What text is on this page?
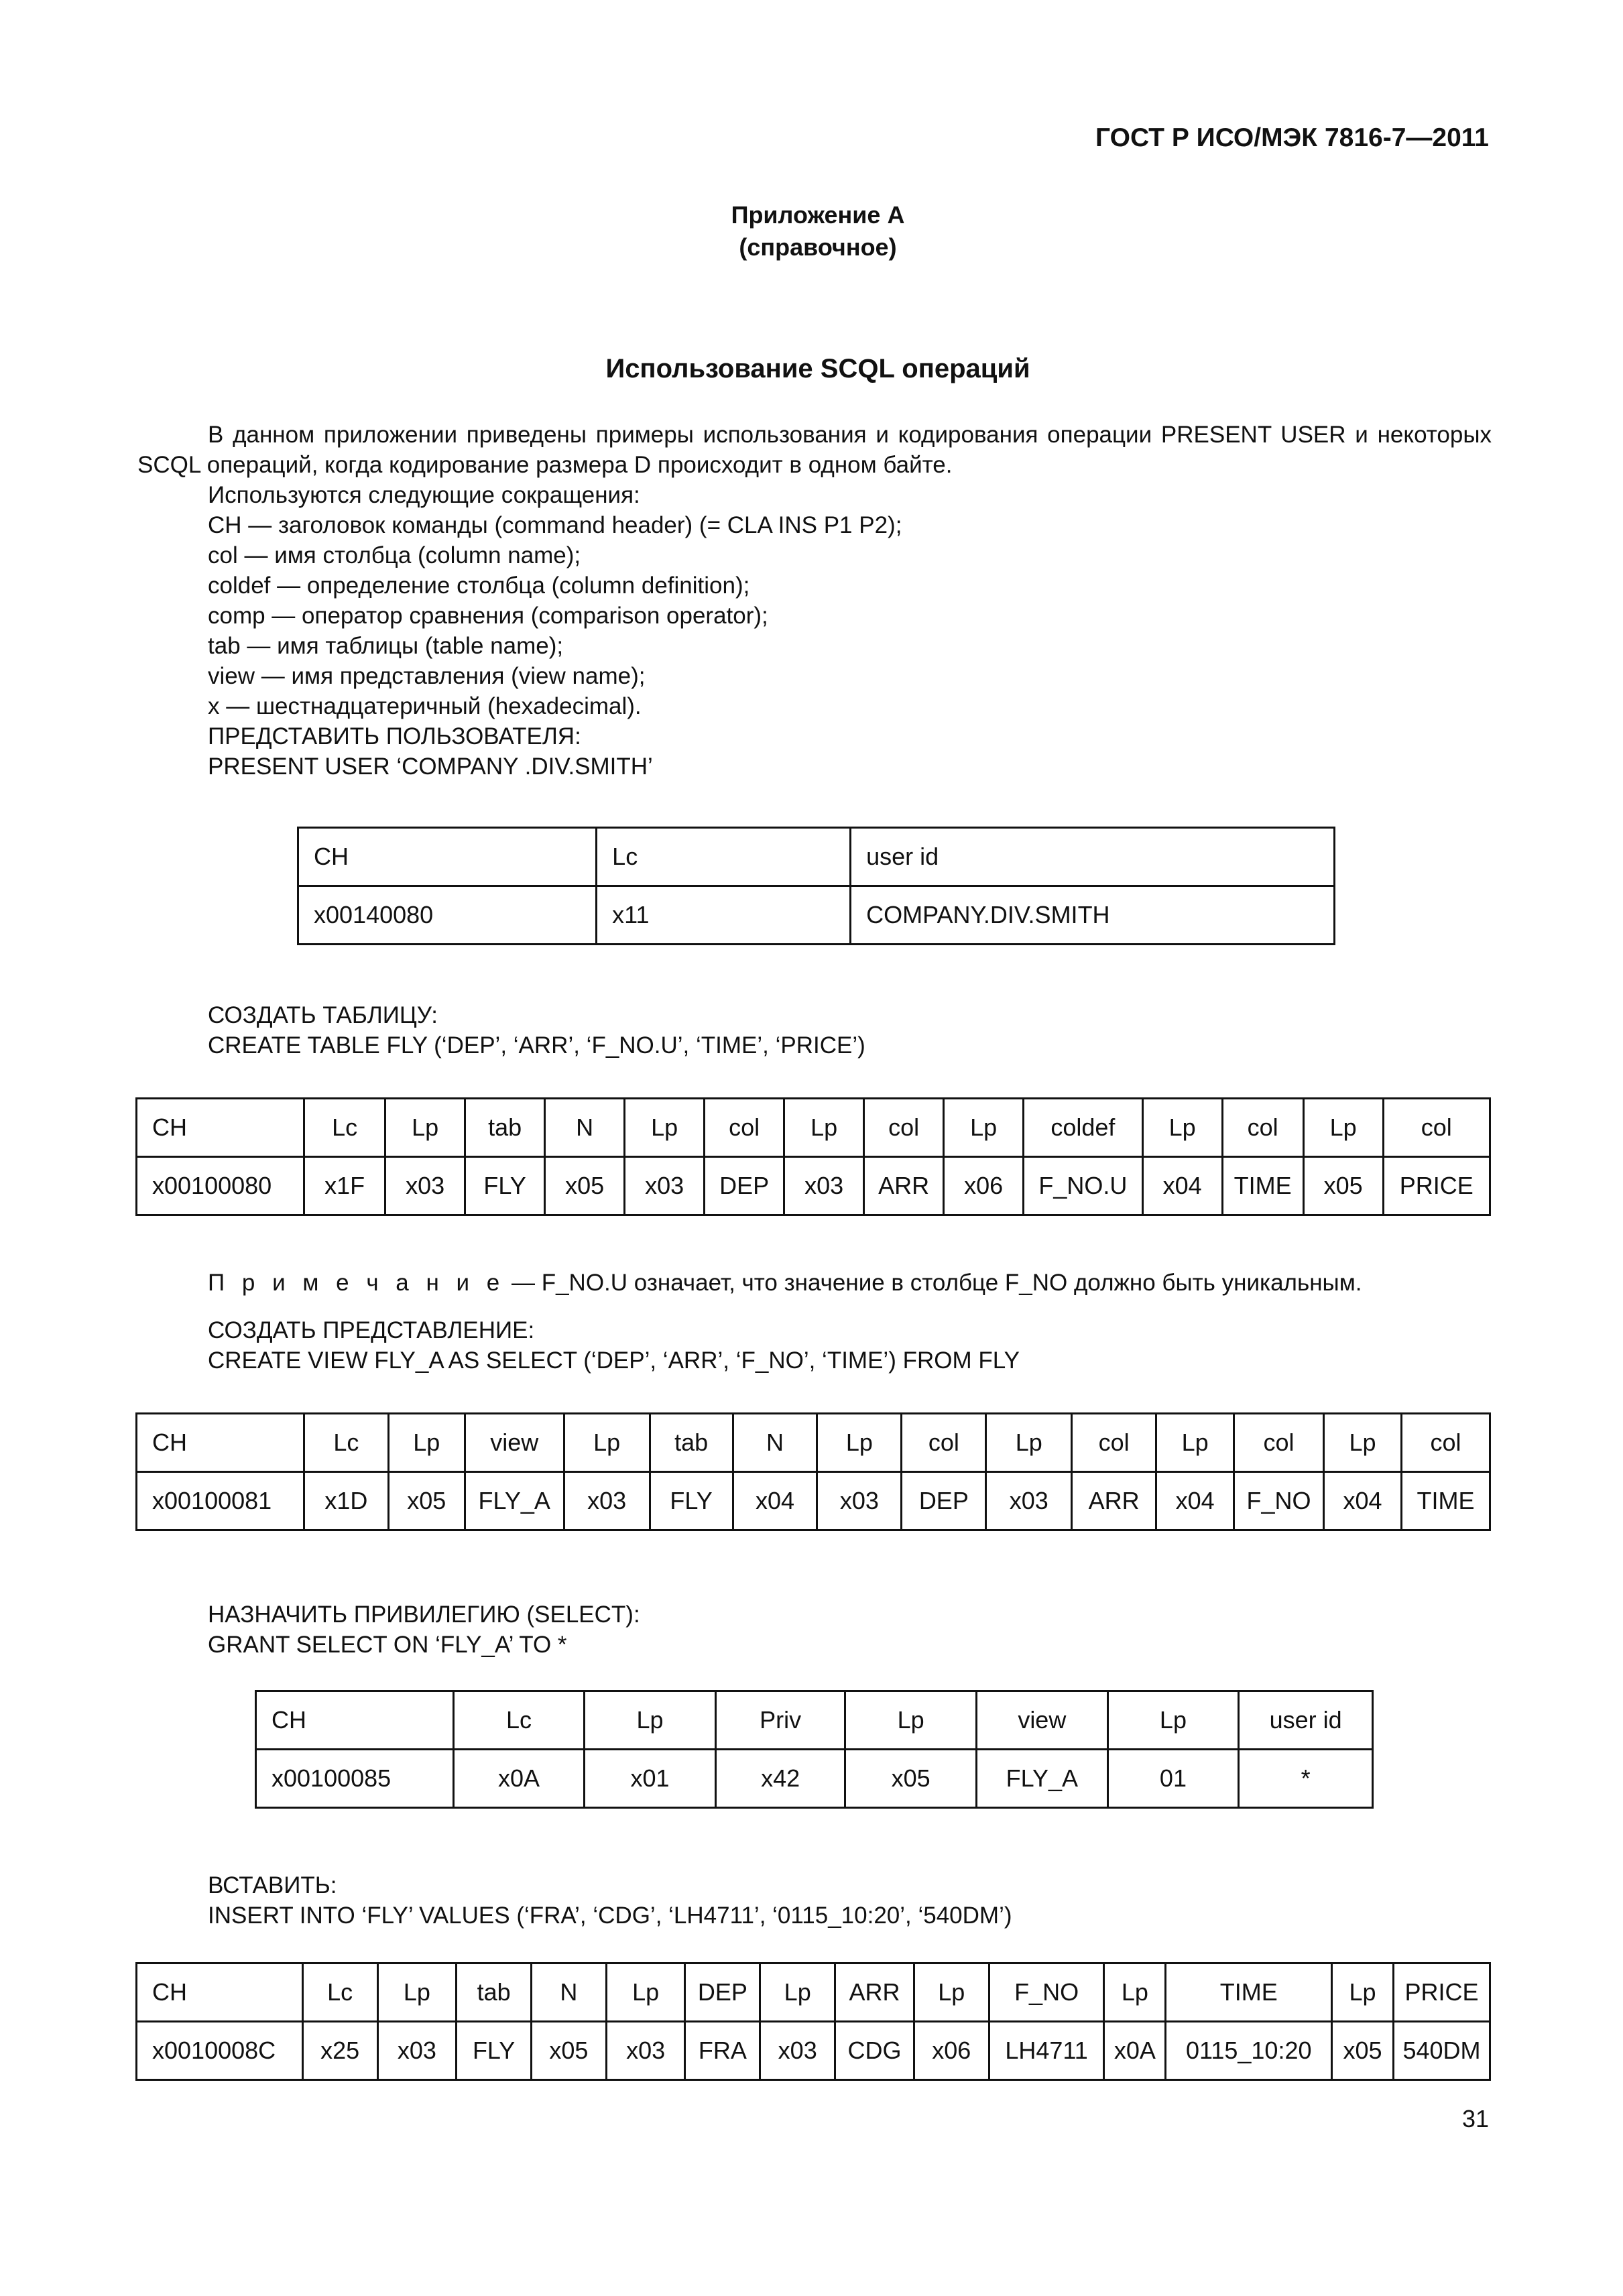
ГОСТ Р ИСО/МЭК 7816-7—2011
Приложение А
(справочное)
Использование SCQL операций

В данном приложении приведены примеры использования и кодирования операции PRESENT USER и некоторых SCQL операций, когда кодирование размера D происходит в одном байте.

Используются следующие сокращения:

CH — заголовок команды (command header) (= CLA INS P1 P2);

col — имя столбца (column name);

coldef — определение столбца (column definition);

comp — оператор сравнения (comparison operator);

tab — имя таблицы (table name);

view — имя представления (view name);

x — шестнадцатеричный (hexadecimal).

ПРЕДСТАВИТЬ ПОЛЬЗОВАТЕЛЯ:

PRESENT USER ‘COMPANY .DIV.SMITH’

CH	Lc	user id
x00140080	x11	COMPANY.DIV.SMITH
СОЗДАТЬ ТАБЛИЦУ:
CREATE TABLE FLY (‘DEP’, ‘ARR’, ‘F_NO.U’, ‘TIME’, ‘PRICE’)
CH	Lc	Lp	tab	N	Lp	col	Lp	col	Lp	coldef	Lp	col	Lp	col
x00100080	x1F	x03	FLY	x05	x03	DEP	x03	ARR	x06	F_NO.U	x04	TIME	x05	PRICE
П р и м е ч а н и е — F_NO.U означает, что значение в столбце F_NO должно быть уникальным.
СОЗДАТЬ ПРЕДСТАВЛЕНИЕ:
CREATE VIEW FLY_A AS SELECT (‘DEP’, ‘ARR’, ‘F_NO’, ‘TIME’) FROM FLY
CH	Lc	Lp	view	Lp	tab	N	Lp	col	Lp	col	Lp	col	Lp	col
x00100081	x1D	x05	FLY_A	x03	FLY	x04	x03	DEP	x03	ARR	x04	F_NO	x04	TIME
НАЗНАЧИТЬ ПРИВИЛЕГИЮ (SELECT):
GRANT SELECT ON ‘FLY_A’ TO *
CH	Lc	Lp	Priv	Lp	view	Lp	user id
x00100085	x0A	x01	x42	x05	FLY_A	01	*
ВСТАВИТЬ:
INSERT INTO ‘FLY’ VALUES (‘FRA’, ‘CDG’, ‘LH4711’, ‘0115_10:20’, ‘540DM’)
CH	Lc	Lp	tab	N	Lp	DEP	Lp	ARR	Lp	F_NO	Lp	TIME	Lp	PRICE
x0010008C	x25	x03	FLY	x05	x03	FRA	x03	CDG	x06	LH4711	x0A	0115_10:20	x05	540DM
31
